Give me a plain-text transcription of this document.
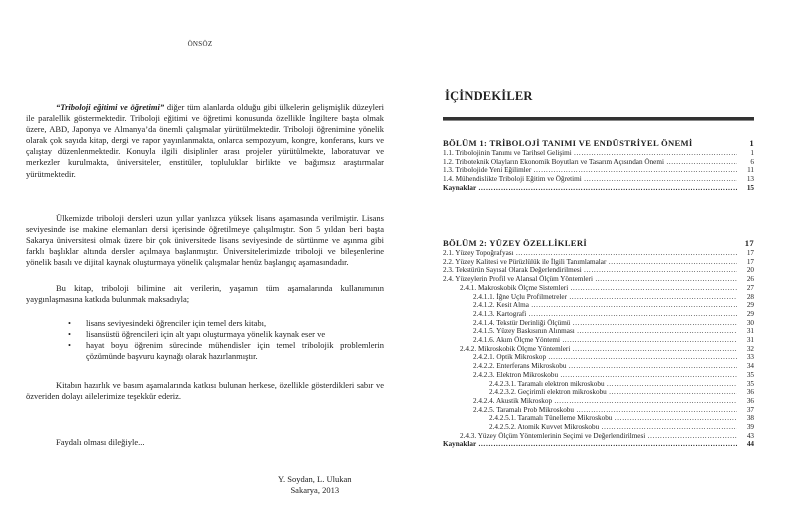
ÖNSÖZ
“Triboloji eğitimi ve öğretimi” diğer tüm alanlarda olduğu gibi ülkelerin gelişmişlik düzeyleri ile paralellik göstermektedir. Triboloji eğitimi ve öğretimi konusunda özellikle İngiltere başta olmak üzere, ABD, Japonya ve Almanya’da önemli çalışmalar yürütülmektedir. Triboloji öğrenimine yönelik olarak çok sayıda kitap, dergi ve rapor yayınlanmakta, onlarca sempozyum, kongre, konferans, kurs ve çalıştay düzenlenmektedir. Konuyla ilgili disiplinler arası projeler yürütülmekte, laboratuvar ve merkezler kurulmakta, üniversiteler, enstitüler, topluluklar birlikte ve bağımsız araştırmalar yürütmektedir.
Ülkemizde triboloji dersleri uzun yıllar yanlızca yüksek lisans aşamasında verilmiştir. Lisans seviyesinde ise makine elemanları dersi içerisinde öğretilmeye çalışılmıştır. Son 5 yıldan beri başta Sakarya üniversitesi olmak üzere bir çok üniversitede lisans seviyesinde de sürtünme ve aşınma gibi farklı başlıklar altında dersler açılmaya başlanmıştır. Üniversitelerimizde triboloji ve bileşenlerine yönelik basılı ve dijital kaynak oluşturmaya yönelik çalışmalar henüz başlangıç aşamasındadır.
Bu kitap, triboloji bilimine ait verilerin, yaşamın tüm aşamalarında kullanımının yaygınlaşmasına katkıda bulunmak maksadıyla;
• lisans seviyesindeki öğrenciler için temel ders kitabı,
• lisansüstü öğrencileri için alt yapı oluşturmaya yönelik kaynak eser ve
• hayat boyu öğrenim sürecinde mühendisler için temel tribolojik problemlerin çözümünde başvuru kaynağı olarak hazırlanmıştır.
Kitabın hazırlık ve basım aşamalarında katkısı bulunan herkese, özellikle gösterdikleri sabır ve özveriden dolayı ailelerimize teşekkür ederiz.
Faydalı olması dileğiyle...
Y. Soydan, L. Ulukan
Sakarya, 2013
İÇİNDEKİLER
BÖLÜM 1: TRİBOLOJİ TANIMI VE ENDÜSTRİYEL ÖNEMİ	1
1.1. Tribolojinin Tanımı ve Tarihsel Gelişimi ………………………………………………………………………………………………………………………………	1
1.2. Triboteknik Olayların Ekonomik Boyutları ve Tasarım Açısından Önemi ………………………………………………………………………………………………………………………………	6
1.3. Tribolojide Yeni Eğilimler ………………………………………………………………………………………………………………………………	11
1.4. Mühendislikte Triboloji Eğitim ve Öğretimi ………………………………………………………………………………………………………………………………	13
Kaynaklar ………………………………………………………………………………………………………………………………	15
BÖLÜM 2: YÜZEY ÖZELLİKLERİ	17
2.1. Yüzey Topoğrafyası ………………………………………………………………………………………………………………………………	17
2.2. Yüzey Kalitesi ve Pürüzlülük ile İlgili Tanımlamalar ………………………………………………………………………………………………………………………………	17
2.3. Tekstürün Sayısal Olarak Değerlendirilmesi ………………………………………………………………………………………………………………………………	20
2.4. Yüzeylerin Profil ve Alansal Ölçüm Yöntemleri ………………………………………………………………………………………………………………………………	26
2.4.1. Makroskobik Ölçme Sistemleri ………………………………………………………………………………………………………………………………	27
2.4.1.1. İğne Uçlu Profilmetreler ………………………………………………………………………………………………………………………………	28
2.4.1.2. Kesit Alma ………………………………………………………………………………………………………………………………	29
2.4.1.3. Kartografi ………………………………………………………………………………………………………………………………	29
2.4.1.4. Tekstür Derinliği Ölçümü ………………………………………………………………………………………………………………………………	30
2.4.1.5. Yüzey Baskısının Alınması ………………………………………………………………………………………………………………………………	31
2.4.1.6. Akım Ölçme Yöntemi ………………………………………………………………………………………………………………………………	31
2.4.2. Mikroskobik Ölçme Yöntemleri ………………………………………………………………………………………………………………………………	32
2.4.2.1. Optik Mikroskop ………………………………………………………………………………………………………………………………	33
2.4.2.2. Enterferans Mikroskobu ………………………………………………………………………………………………………………………………	34
2.4.2.3. Elektron Mikroskobu ………………………………………………………………………………………………………………………………	35
2.4.2.3.1. Taramalı elektron mikroskobu ………………………………………………………………………………………………………………………………	35
2.4.2.3.2. Geçirimli elektron mikroskobu ………………………………………………………………………………………………………………………………	36
2.4.2.4. Akustik Mikroskop ………………………………………………………………………………………………………………………………	36
2.4.2.5. Taramalı Prob Mikroskobu ………………………………………………………………………………………………………………………………	37
2.4.2.5.1. Taramalı Tünelleme Mikroskobu ………………………………………………………………………………………………………………………………	38
2.4.2.5.2. Atomik Kuvvet Mikroskobu ………………………………………………………………………………………………………………………………	39
2.4.3. Yüzey Ölçüm Yöntemlerinin Seçimi ve Değerlendirilmesi ………………………………………………………………………………………………………………………………	43
Kaynaklar ………………………………………………………………………………………………………………………………	44
